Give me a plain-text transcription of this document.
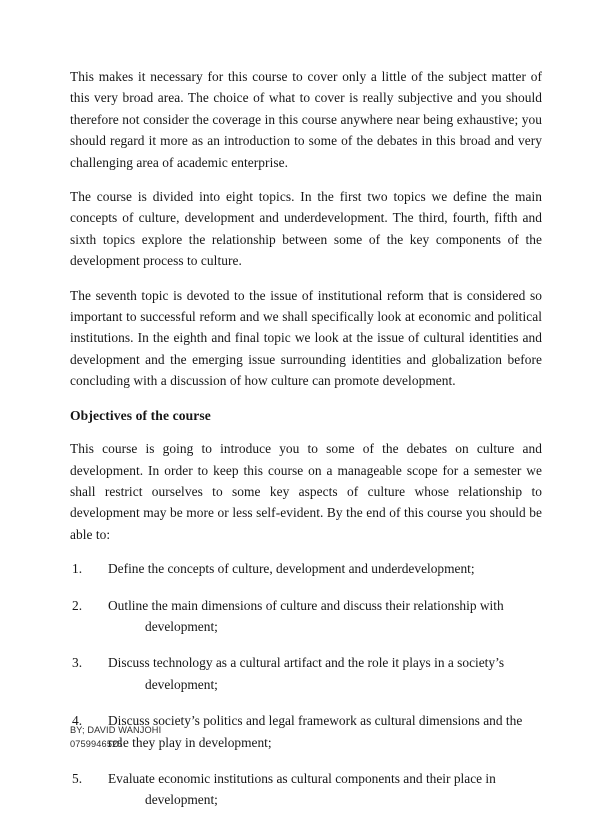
This makes it necessary for this course to cover only a little of the subject matter of this very broad area. The choice of what to cover is really subjective and you should therefore not consider the coverage in this course anywhere near being exhaustive; you should regard it more as an introduction to some of the debates in this broad and very challenging area of academic enterprise.

The course is divided into eight topics. In the first two topics we define the main concepts of culture, development and underdevelopment. The third, fourth, fifth and sixth topics explore the relationship between some of the key components of the development process to culture.

The seventh topic is devoted to the issue of institutional reform that is considered so important to successful reform and we shall specifically look at economic and political institutions. In the eighth and final topic we look at the issue of cultural identities and development and the emerging issue surrounding identities and globalization before concluding with a discussion of how culture can promote development.

Objectives of the course

This course is going to introduce you to some of the debates on culture and development. In order to keep this course on a manageable scope for a semester we shall restrict ourselves to some key aspects of culture whose relationship to development may be more or less self-evident. By the end of this course you should be able to:

1.	Define the concepts of culture, development and underdevelopment;
2.	Outline the main dimensions of culture and discuss their relationship with
development;
3.	Discuss technology as a cultural artifact and the role it plays in a society’s
development;
4.	Discuss society’s politics and legal framework as cultural dimensions and the
role they play in development;
5.	Evaluate economic institutions as cultural components and their place in
development;
BY; DAVID WANJOHI
0759946525
